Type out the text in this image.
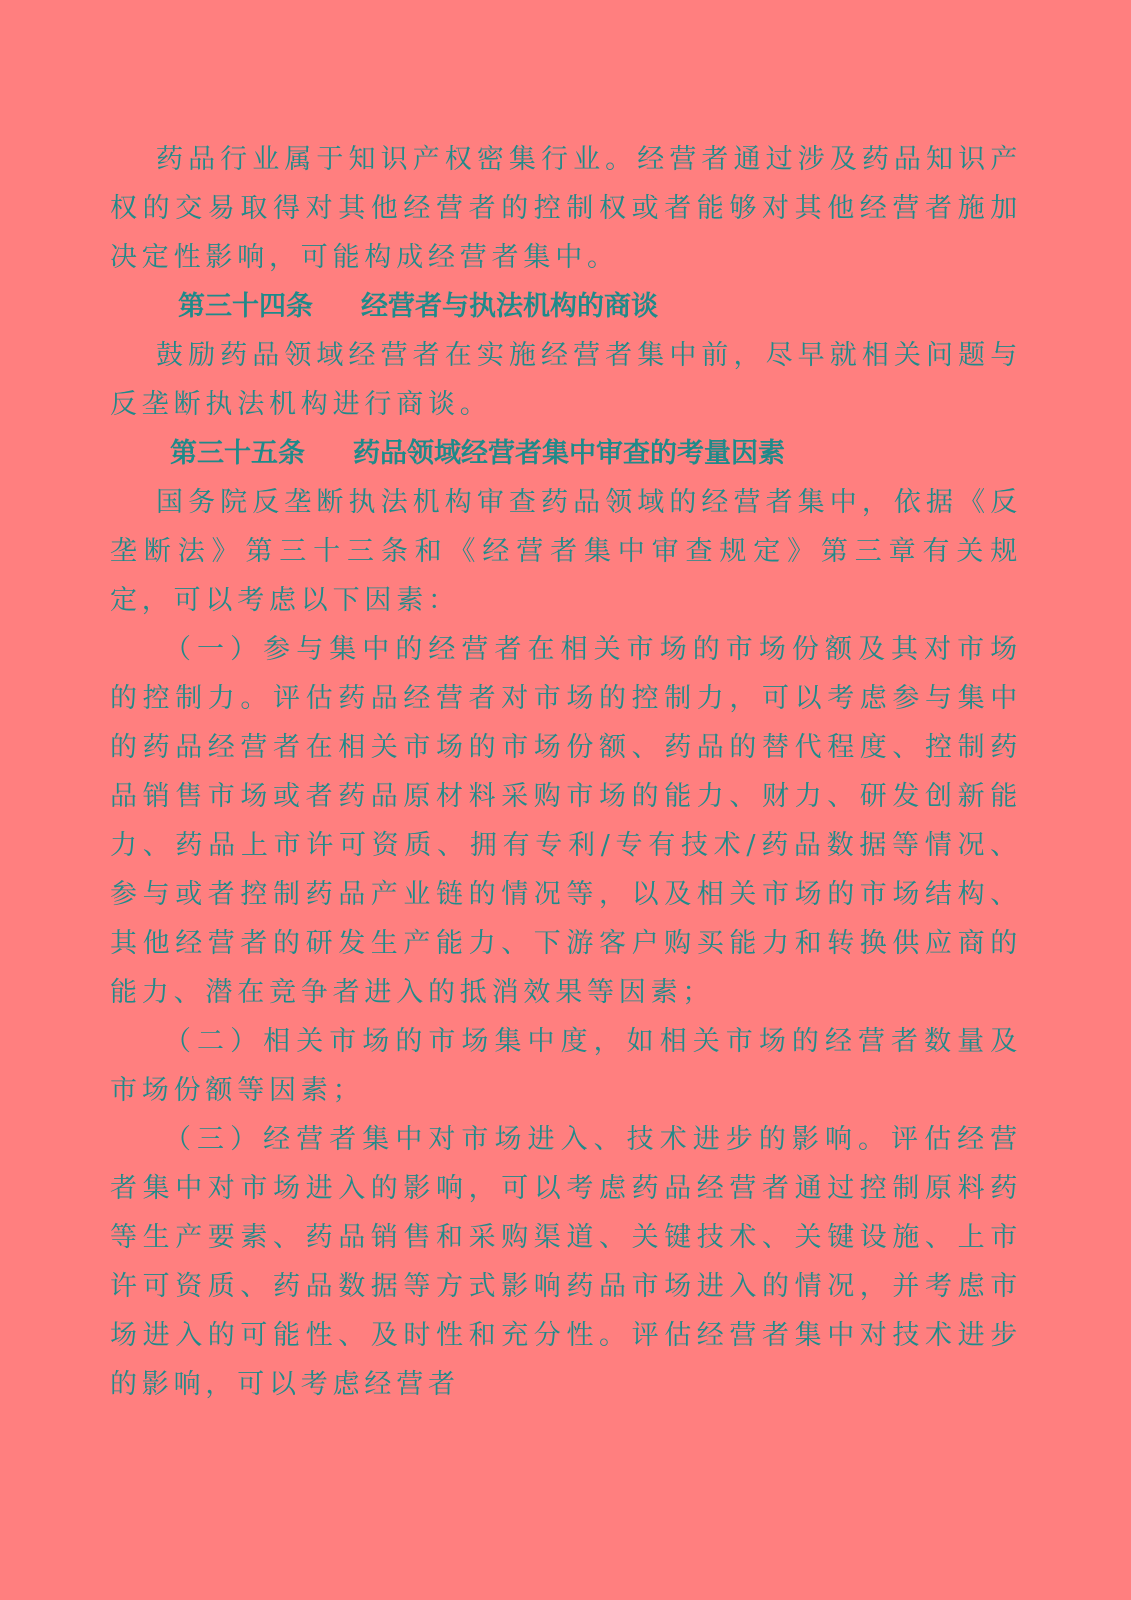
药品行业属于知识产权密集行业。经营者通过涉及药品知识产权的交易取得对其他经营者的控制权或者能够对其他经营者施加决定性影响，可能构成经营者集中。

第三十四条 经营者与执法机构的商谈

鼓励药品领域经营者在实施经营者集中前，尽早就相关问题与反垄断执法机构进行商谈。

第三十五条 药品领域经营者集中审查的考量因素

国务院反垄断执法机构审查药品领域的经营者集中，依据《反垄断法》第三十三条和《经营者集中审查规定》第三章有关规定，可以考虑以下因素：

（一）参与集中的经营者在相关市场的市场份额及其对市场的控制力。评估药品经营者对市场的控制力，可以考虑参与集中的药品经营者在相关市场的市场份额、药品的替代程度、控制药品销售市场或者药品原材料采购市场的能力、财力、研发创新能力、药品上市许可资质、拥有专利/专有技术/药品数据等情况、参与或者控制药品产业链的情况等，以及相关市场的市场结构、其他经营者的研发生产能力、下游客户购买能力和转换供应商的能力、潜在竞争者进入的抵消效果等因素；

（二）相关市场的市场集中度，如相关市场的经营者数量及市场份额等因素；

（三）经营者集中对市场进入、技术进步的影响。评估经营者集中对市场进入的影响，可以考虑药品经营者通过控制原料药等生产要素、药品销售和采购渠道、关键技术、关键设施、上市许可资质、药品数据等方式影响药品市场进入的情况，并考虑市场进入的可能性、及时性和充分性。评估经营者集中对技术进步的影响，可以考虑经营者
